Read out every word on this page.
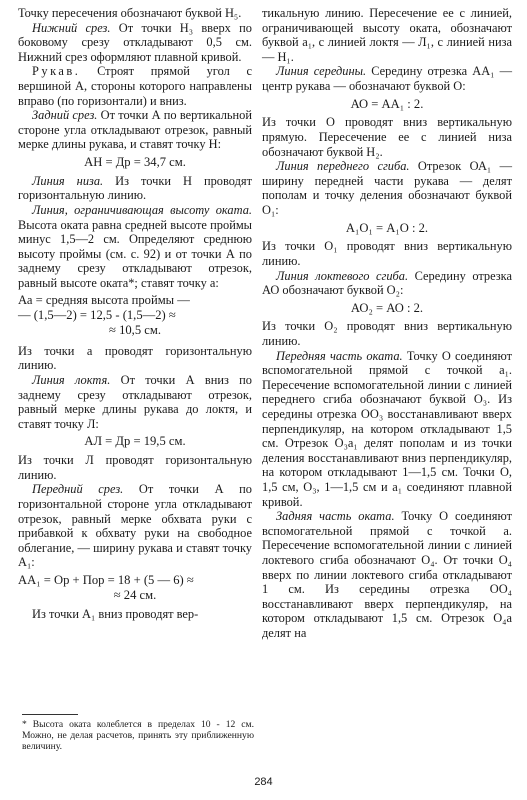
Точку пересечения обозначают буквой Н₅.

Нижний срез. От точки Н₃ вверх по боковому срезу откладывают 0,5 см. Нижний срез оформляют плавной кривой.

Рукав. Строят прямой угол с вершиной А, стороны которого направлены вправо (по горизонтали) и вниз.

Задний срез. От точки А по вертикальной стороне угла откладывают отрезок, равный мерке длины рукава, и ставят точку Н:

АН = Др = 34,7 см.

Линия низа. Из точки Н проводят горизонтальную линию.

Линия, ограничивающая высоту оката. Высота оката равна средней высоте проймы минус 1,5—2 см. Определяют среднюю высоту проймы (см. с. 92) и от точки А по заднему срезу откладывают отрезок, равный высоте оката*; ставят точку а:

Аа = средняя высота проймы —
— (1,5—2) = 12,5 - (1,5—2) ≈
≈ 10,5 см.

Из точки а проводят горизонтальную линию.

Линия локтя. От точки А вниз по заднему срезу откладывают отрезок, равный мерке длины рукава до локтя, и ставят точку Л:

АЛ = Др = 19,5 см.

Из точки Л проводят горизонтальную линию.

Передний срез. От точки А по горизонтальной стороне угла откладывают отрезок, равный мерке обхвата руки с прибавкой к обхвату руки на свободное облегание, — ширину рукава и ставят точку А₁:

АА₁ = Ор + Пор = 18 + (5 — 6) ≈
≈ 24 см.

Из точки А₁ вниз проводят вер-

* Высота оката колеблется в пределах 10 - 12 см. Можно, не делая расчетов, принять эту приближенную величину.

тикальную линию. Пересечение ее с линией, ограничивающей высоту оката, обозначают буквой а₁, с линией локтя — Л₁, с линией низа — Н₁.

Линия середины. Середину отрезка АА₁ — центр рукава — обозначают буквой О:

АО = АА₁ : 2.

Из точки О проводят вниз вертикальную прямую. Пересечение ее с линией низа обозначают буквой Н₂.

Линия переднего сгиба. Отрезок ОА₁ — ширину передней части рукава — делят пополам и точку деления обозначают буквой О₁:

А₁О₁ = А₁О : 2.

Из точки О₁ проводят вниз вертикальную линию.

Линия локтевого сгиба. Середину отрезка АО обозначают буквой О₂:

АО₂ = АО : 2.

Из точки О₂ проводят вниз вертикальную линию.

Передняя часть оката. Точку О соединяют вспомогательной прямой с точкой а₁. Пересечение вспомогательной линии с линией переднего сгиба обозначают буквой О₃. Из середины отрезка ОО₃ восстанавливают вверх перпендикуляр, на котором откладывают 1,5 см. Отрезок О₃а₁ делят пополам и из точки деления восстанавливают вниз перпендикуляр, на котором откладывают 1—1,5 см. Точки О, 1,5 см, О₃, 1—1,5 см и а₁ соединяют плавной кривой.

Задняя часть оката. Точку О соединяют вспомогательной прямой с точкой а. Пересечение вспомогательной линии с линией локтевого сгиба обозначают О₄. От точки О₄ вверх по линии локтевого сгиба откладывают 1 см. Из середины отрезка ОО₄ восстанавливают вверх перпендикуляр, на котором откладывают 1,5 см. Отрезок О₄а делят на

284
